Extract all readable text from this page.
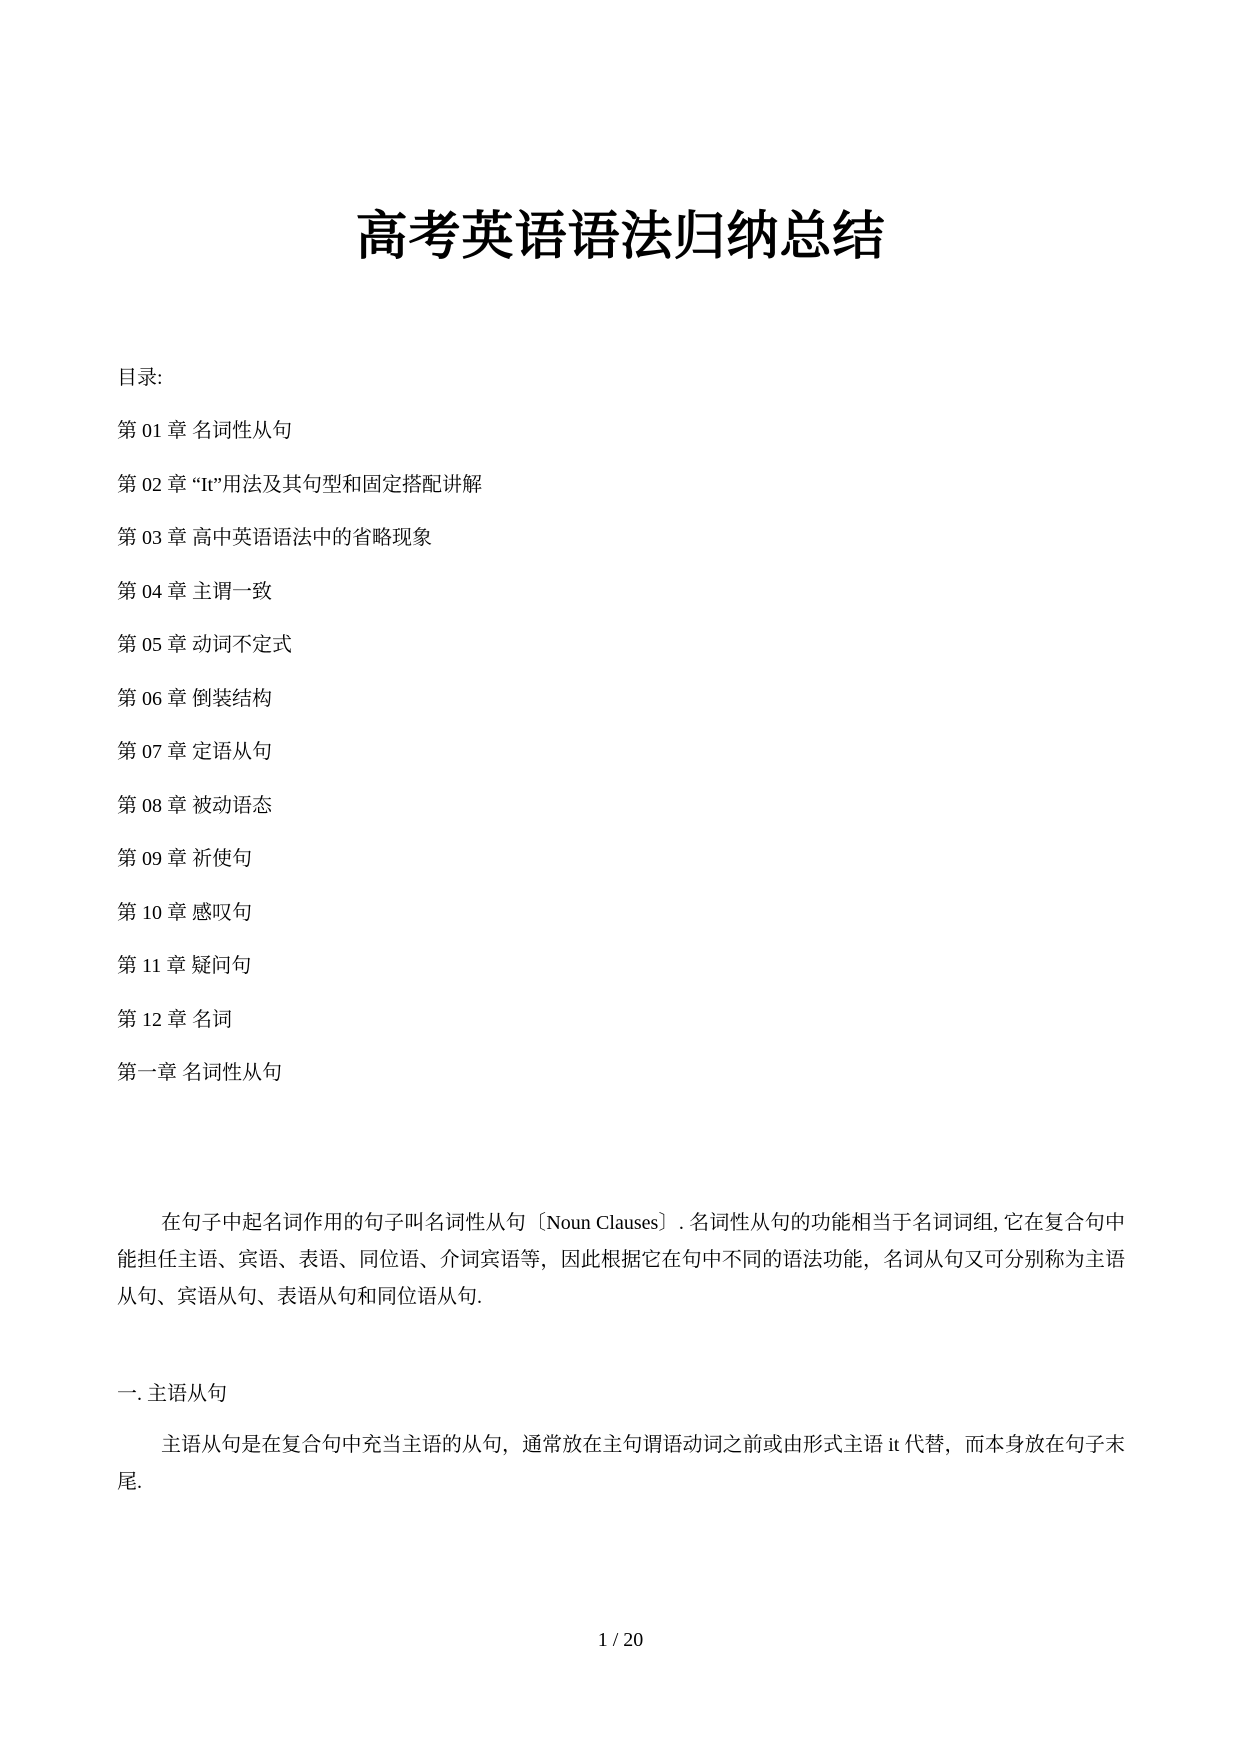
高考英语语法归纳总结
目录:
第 01 章 名词性从句
第 02 章 “It”用法及其句型和固定搭配讲解
第 03 章 高中英语语法中的省略现象
第 04 章 主谓一致
第 05 章 动词不定式
第 06 章 倒装结构
第 07 章 定语从句
第 08 章 被动语态
第 09 章 祈使句
第 10 章 感叹句
第 11 章 疑问句
第 12 章 名词
第一章 名词性从句

在句子中起名词作用的句子叫名词性从句〔Noun Clauses〕. 名词性从句的功能相当于名词词组, 它在复合句中能担任主语、宾语、表语、同位语、介词宾语等，因此根据它在句中不同的语法功能，名词从句又可分别称为主语从句、宾语从句、表语从句和同位语从句.

一. 主语从句

主语从句是在复合句中充当主语的从句，通常放在主句谓语动词之前或由形式主语 it 代替，而本身放在句子末尾.

1 / 20
